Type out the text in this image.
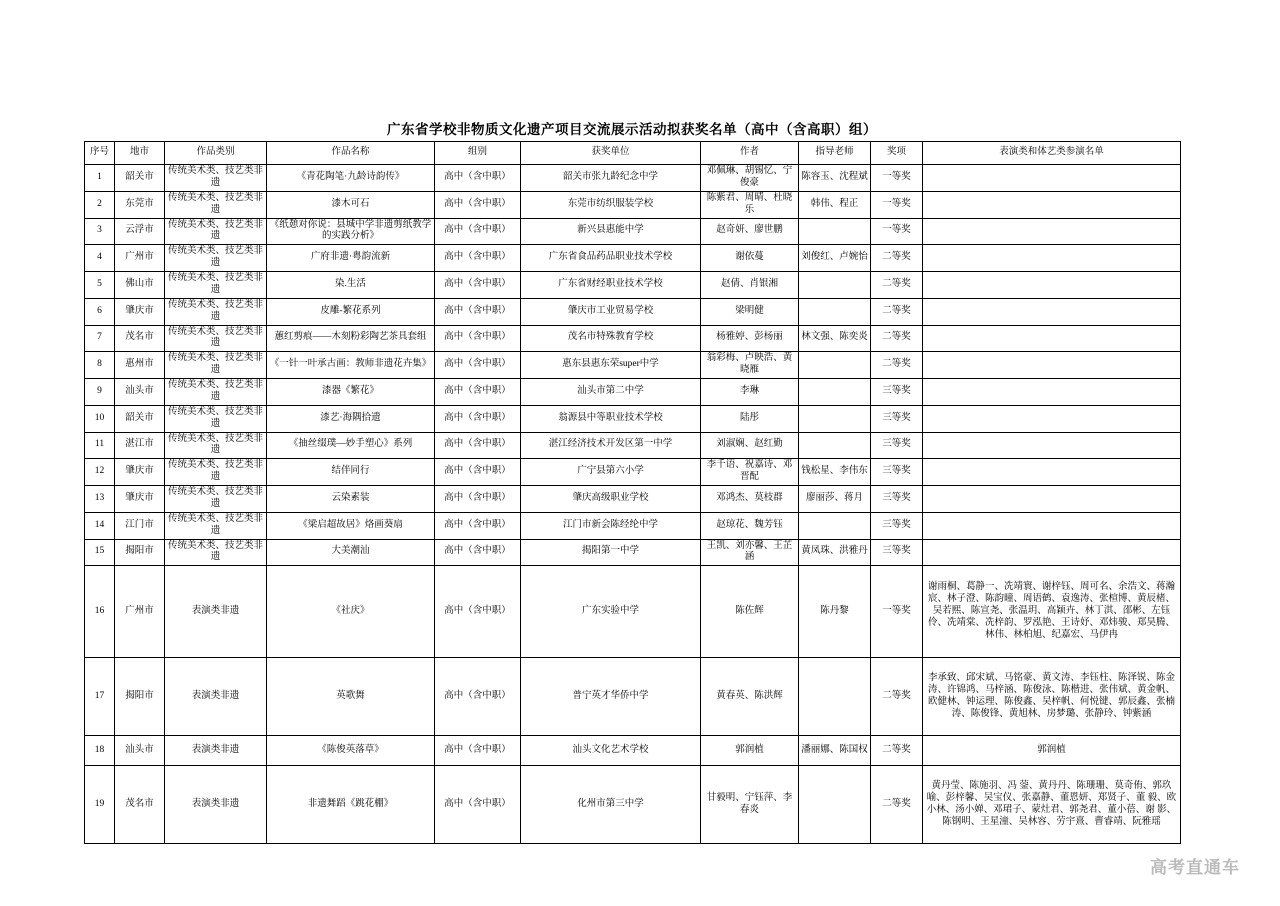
广东省学校非物质文化遗产项目交流展示活动拟获奖名单（高中（含高职）组）
序号	地市	作品类别	作品名称	组别	获奖单位	作者	指导老师	奖项	表演类和体艺类参演名单
1	韶关市	传统美术类、技艺类非遗	《青花陶笔·九龄诗韵传》	高中（含中职）	韶关市张九龄纪念中学	邓佩琳、胡锡忆、宁俊豪	陈容玉、沈程斌	一等奖	
2	东莞市	传统美术类、技艺类非遗	漆木可石	高中（含中职）	东莞市纺织服装学校	陈紫君、周晴、杜晓乐	韩伟、程正	一等奖	
3	云浮市	传统美术类、技艺类非遗	《纸憩对你说：县城中学非遗剪纸教学的实践分析》	高中（含中职）	新兴县惠能中学	赵奇妍、廖世鹏		一等奖	
4	广州市	传统美术类、技艺类非遗	广府非遗·粤韵流新	高中（含中职）	广东省食品药品职业技术学校	谢依蔓	刘俊红、卢婉怡	二等奖	
5	佛山市	传统美术类、技艺类非遗	染.生活	高中（含中职）	广东省财经职业技术学校	赵倩、肖银湘		二等奖	
6	肇庆市	传统美术类、技艺类非遗	皮雕-繁花系列	高中（含中职）	肇庆市工业贸易学校	梁明健		二等奖	
7	茂名市	传统美术类、技艺类非遗	蕙红剪痕——木刻粉彩陶艺茶具套组	高中（含中职）	茂名市特殊教育学校	杨雅婷、彭杨丽	林文强、陈奕炎	二等奖	
8	惠州市	传统美术类、技艺类非遗	《一针一叶承古画：教师非遗花卉集》	高中（含中职）	惠东县惠东荣super中学	翁彩梅、卢映浩、黄晓雁		二等奖	
9	汕头市	传统美术类、技艺类非遗	漆器《繁花》	高中（含中职）	汕头市第二中学	李琳		三等奖	
10	韶关市	传统美术类、技艺类非遗	漆艺·海隅拾遗	高中（含中职）	翁源县中等职业技术学校	陆彤		三等奖	
11	湛江市	传统美术类、技艺类非遗	《抽丝缀璞—妙手塑心》系列	高中（含中职）	湛江经济技术开发区第一中学	刘淑娴、赵红勤		三等奖	
12	肇庆市	传统美术类、技艺类非遗	结伴同行	高中（含中职）	广宁县第六小学	李千语、祝嘉诗、邓晋配	钱松星、李伟东	三等奖	
13	肇庆市	传统美术类、技艺类非遗	云染素装	高中（含中职）	肇庆高级职业学校	邓鸿杰、莫枝群	廖丽莎、蒋月	三等奖	
14	江门市	传统美术类、技艺类非遗	《梁启超故居》烙画葵扇	高中（含中职）	江门市新会陈经纶中学	赵琼花、魏芳钰		三等奖	
15	揭阳市	传统美术类、技艺类非遗	大美潮汕	高中（含中职）	揭阳第一中学	王凯、刘亦馨、王芷涵	黄凤珠、洪雅丹	三等奖	
16	广州市	表演类非遗	《社庆》	高中（含中职）	广东实验中学	陈佐辉	陈丹黎	一等奖	谢雨桐、葛静一、冼靖寰、谢梓钰、周可名、余浩文、蒋瀚宸、林子澄、陈韵曈、周语鹤、袁逸涛、张楦博、黄辰楮、吴若熙、陈宣尧、张温玥、高颖卉、林丁淇、邵彬、左钰伶、冼靖棠、冼梓韵、罗泓艳、王诗妤、邓炜骏、郑昊腾、林伟、林柏旭、纪嘉宏、马伊冉
17	揭阳市	表演类非遗	英歌舞	高中（含中职）	普宁英才华侨中学	黄春英、陈洪辉		二等奖	李承致、邱宋斌、马铭豪、黄文涛、李钰柱、陈泽锐、陈金涛、许锦鸿、马梓涵、陈俊泳、陈楷进、张伟斌、黄金帆、欧健林、钟运理、陈俊鑫、吴梓帆、何悦键、郭辰鑫、张楠涛、陈俊锋、黄旭林、房梦璐、张静玲、钟紫涵
18	汕头市	表演类非遗	《陈俊英落草》	高中（含中职）	汕头文化艺术学校	郭润植	潘丽娜、陈国权	二等奖	郭润植
19	茂名市	表演类非遗	非遗舞蹈《跳花棚》	高中（含中职）	化州市第三中学	甘毅明、宁钰萍、李春炎		二等奖	黄丹莹、陈施羽、冯 蓥、黄丹丹、陈珊珊、莫奇侑、郭玖喻、彭梓馨、吴宝仪、张嘉静、董恩妍、郑贤子、董 毅、欧小林、汤小婵、邓珺子、蒙灶君、郭尧君、董小蓓、谢 影、陈钢明、王星潼、吴林容、劳宇熹、曹睿靖、阮雅瑶
高考直通车
